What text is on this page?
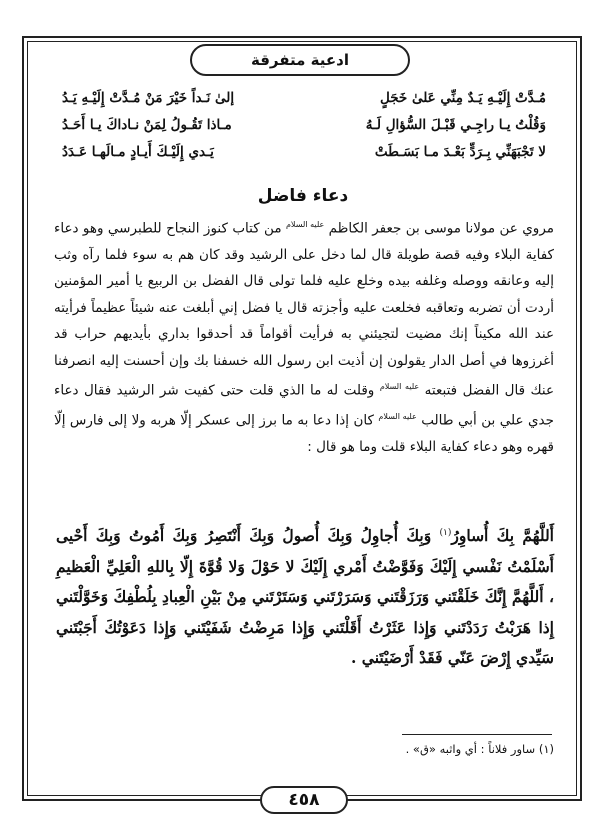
ادعية متفرقة
مُـدَّتْ إِلَيْـهِ يَـدٌ مِنِّي عَلىٰ خَجَلٍ
إلىٰ نَـداً خَيْرَ مَنْ مُـدَّتْ إِلَيْـهِ يَـدُ
وَقُلْتُ يـا راجِـي قَبْـلَ السُّؤالِ لَـهُ
مـاذا تَقُـولُ لِمَنْ نـاداكَ يـا أَحَـدُ
لا تَجْبَهَنِّي بِـرَدٍّ بَعْـدَ مـا بَسَـطَتْ
يَـدي إِلَيْـكَ أَيـادٍ مـالَهـا عَـدَدُ
دعاء فاضل

مروي عن مولانا موسى بن جعفر الكاظم $^{عليه السلام}$ من كتاب كنوز النجاح للطبرسي وهو دعاء كفاية البلاء وفيه قصة طويلة قال لما دخل على الرشيد وقد كان هم به سوء فلما رآه وثب إليه وعانقه ووصله وغلفه بيده وخلع عليه فلما تولى قال الفضل بن الربيع يا أمير المؤمنين أردت أن تضربه وتعاقبه فخلعت عليه وأجزته قال يا فضل إني أبلغت عنه شيئاً عظيماً فرأيته عند الله مكيناً إنك مضيت لتجيئني به فرأيت أقواماً قد أحدقوا بداري بأيديهم حراب قد أغرزوها في أصل الدار يقولون إن أذيت ابن رسول الله خسفنا بك وإن أحسنت إليه انصرفنا عنك قال الفضل فتبعته $^{عليه السلام}$ وقلت له ما الذي قلت حتى كفيت شر الرشيد فقال دعاء جدي علي بن أبي طالب $^{عليه السلام}$ كان إذا دعا به ما برز إلى عسكر إلّا هربه ولا إلى فارس إلّا قهره وهو دعاء كفاية البلاء قلت وما هو قال :

أَللَّهُمَّ بِكَ أُساوِرُ$^{(١)}$ وَبِكَ أُجاوِلُ وَبِكَ أُصولُ وَبِكَ أَنْتَصِرُ وَبِكَ أَمُوتُ وَبِكَ أَحْيى أَسْلَمْتُ نَفْسي إِلَيْكَ وَفَوَّضْتُ أَمْري إِلَيْكَ لا حَوْلَ وَلا قُوَّةَ إِلّا بِاللهِ الْعَلِيِّ الْعَظيمِ ، أَللَّهُمَّ إِنَّكَ خَلَقْتَني وَرَزَقْتَني وَسَرَرْتَني وَسَتَرْتَني مِنْ بَيْنِ الْعِبادِ بِلُطْفِكَ وَخَوَّلْتَني إِذا هَرَبْتُ رَدَدْتَني وَإِذا عَثَرْتُ أَقَلْتَني وَإِذا مَرِضْتُ شَفَيْتَني وَإِذا دَعَوْتُكَ أَجَبْتَني سَيِّدي إِرْضَ عَنّي فَقَدْ أَرْضَيْتَني .

(١) ساور فلاناً : أي واثبه «ق» .
٤٥٨
